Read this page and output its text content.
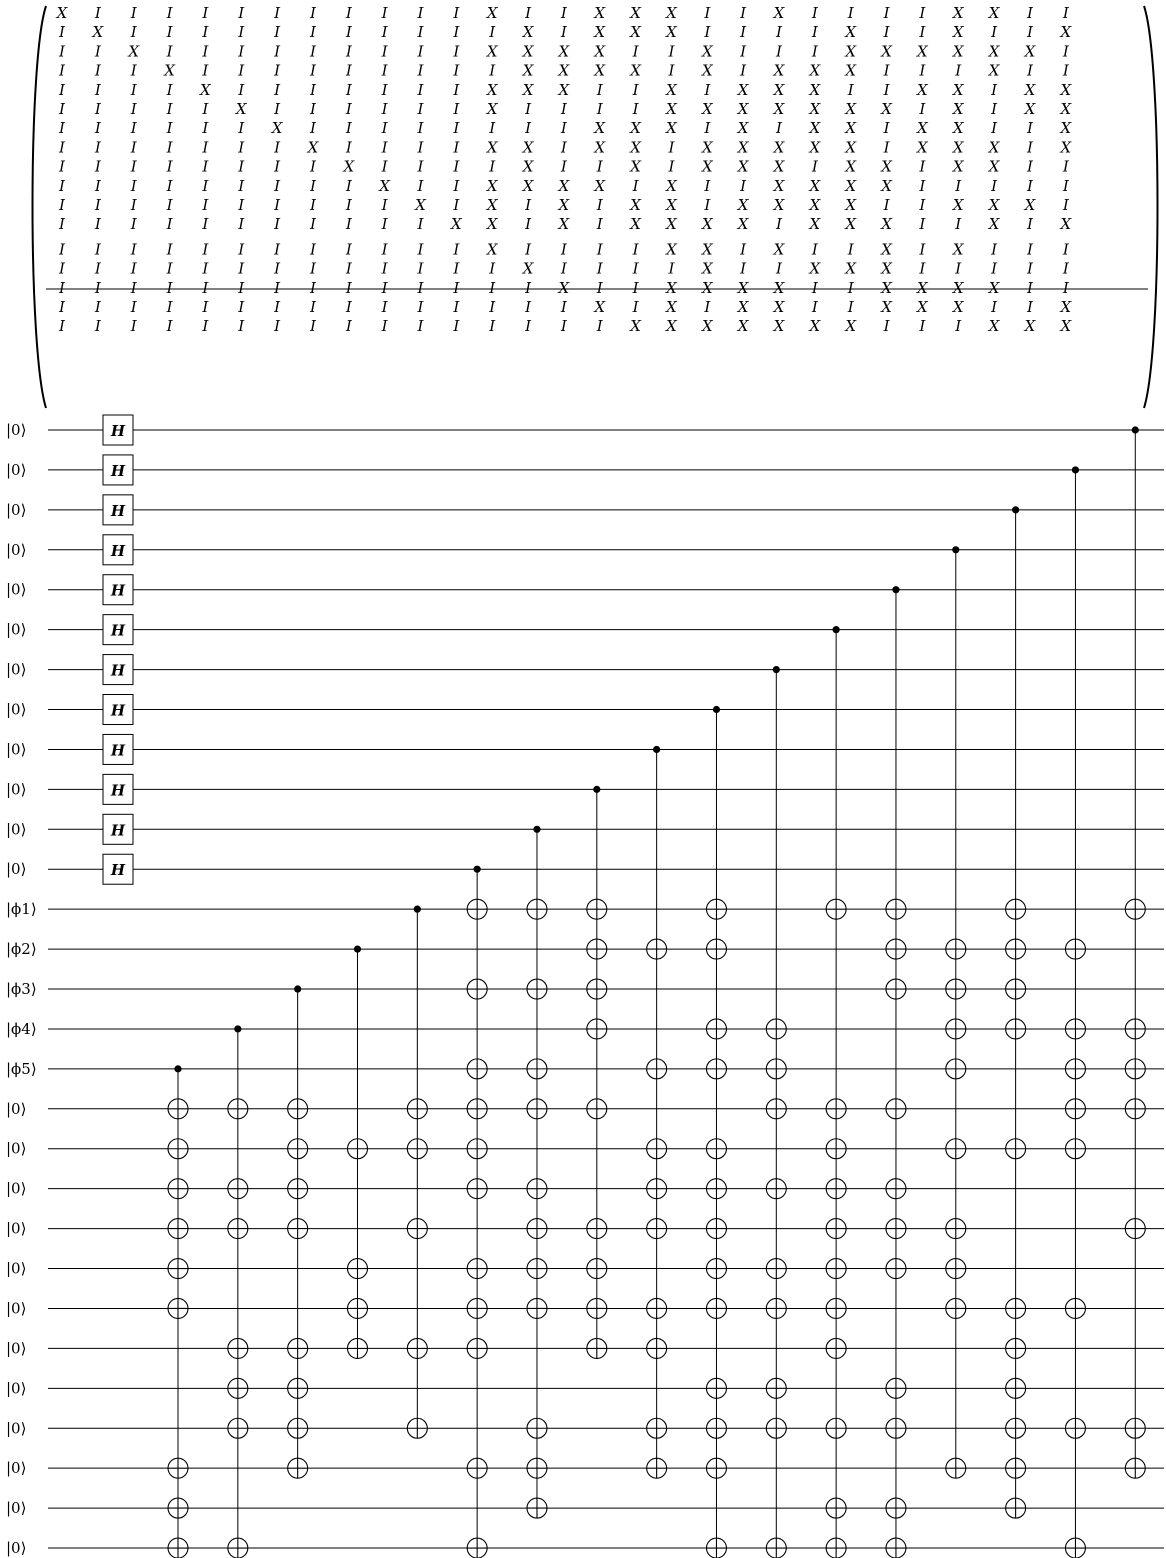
X I I I I I I I I I I I X I I X X X I I X I I I I X X I I
I X I I I I I I I I I I I X I X X X I I I I X I I X I I X
I I X I I I I I I I I I X X X X I I X I I I X X X X X X I
I I I X I I I I I I I I I X X X X I X I X X X I I I X I I
I I I I X I I I I I I I X X X I I X I X X X I I X X I X X
I I I I I X I I I I I I X I I I I X X X X X X X I X I X X
I I I I I I X I I I I I I I I X X X I X I X X I X X I I X
I I I I I I I X I I I I X X I X X I X X X X X I X X X I X
I I I I I I I I X I I I I X I I X I X X X I X X I X X I I
I I I I I I I I I X I I X X X X I X I I X X X X I I I I I
I I I I I I I I I I X I X I X I X X I X X X X I I X X X I
I I I I I I I I I I I X X I X I X X X X I X X X I I X I X
I I I I I I I I I I I I X I I I I X X I X I I X I X I I I
I I I I I I I I I I I I I X I I I I X I I X X X I I I I I
I I I I I I I I I I I I I I X I I X X X X I I X X X X I I
I I I I I I I I I I I I I I I X I X I X X I I X X X I I X
I I I I I I I I I I I I I I I I X X X X X X X I I I X X X
|0⟩
|0⟩
|0⟩
|0⟩
|0⟩
|0⟩
|0⟩
|0⟩
|0⟩
|0⟩
|0⟩
|0⟩
|ϕ1⟩
|ϕ2⟩
|ϕ3⟩
|ϕ4⟩
|ϕ5⟩
|0⟩
|0⟩
|0⟩
|0⟩
|0⟩
|0⟩
|0⟩
|0⟩
|0⟩
|0⟩
|0⟩
|0⟩
H
H
H
H
H
H
H
H
H
H
H
H
